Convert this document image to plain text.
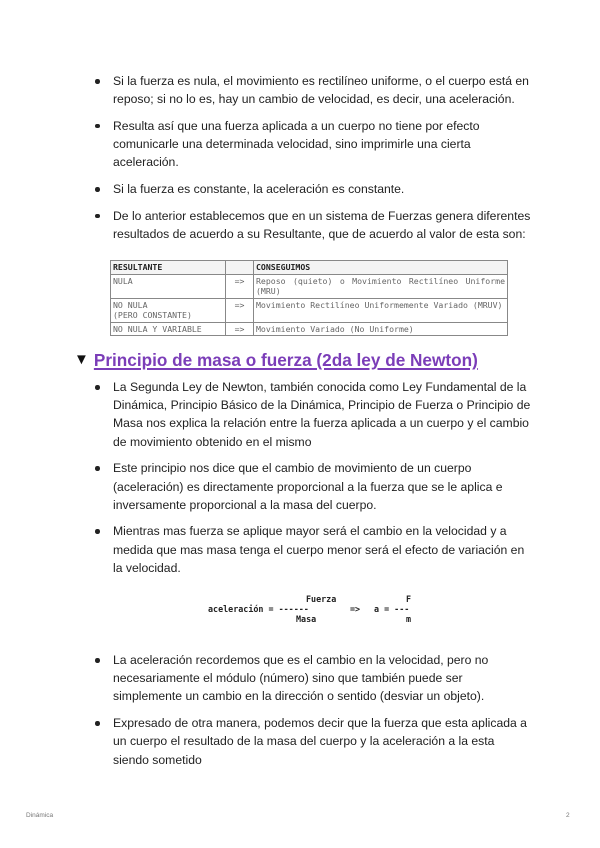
Si la fuerza es nula, el movimiento es rectilíneo uniforme, o el cuerpo está en reposo; si no lo es, hay un cambio de velocidad, es decir, una aceleración.
Resulta así que una fuerza aplicada a un cuerpo no tiene por efecto comunicarle una determinada velocidad, sino imprimirle una cierta aceleración.
Si la fuerza es constante, la aceleración es constante.
De lo anterior establecemos que en un sistema de Fuerzas genera diferentes resultados de acuerdo a su Resultante, que de acuerdo al valor de esta son:
RESULTANTE		CONSEGUIMOS
NULA	=>	Reposo (quieto) o Movimiento Rectilíneo Uniforme (MRU)
NO NULA
(PERO CONSTANTE)	=>	Movimiento Rectilíneo Uniformemente Variado (MRUV)
NO NULA Y VARIABLE	=>	Movimiento Variado (No Uniforme)
▼ Principio de masa o fuerza (2da ley de Newton)
La Segunda Ley de Newton, también conocida como Ley Fundamental de la Dinámica, Principio Básico de la Dinámica, Principio de Fuerza o Principio de Masa nos explica la relación entre la fuerza aplicada a un cuerpo y el cambio de movimiento obtenido en el mismo
Este principio nos dice que el cambio de movimiento de un cuerpo (aceleración) es directamente proporcional a la fuerza que se le aplica e inversamente proporcional a la masa del cuerpo.
Mientras mas fuerza se aplique mayor será el cambio en la velocidad y a medida que mas masa tenga el cuerpo menor será el efecto de variación en la velocidad.
Fuerza
aceleración = ------
Masa
=>
F
a = ---
m
La aceleración recordemos que es el cambio en la velocidad, pero no necesariamente el módulo (número) sino que también puede ser simplemente un cambio en la dirección o sentido (desviar un objeto).
Expresado de otra manera, podemos decir que la fuerza que esta aplicada a un cuerpo el resultado de la masa del cuerpo y la aceleración a la esta siendo sometido
Dinámica	2
